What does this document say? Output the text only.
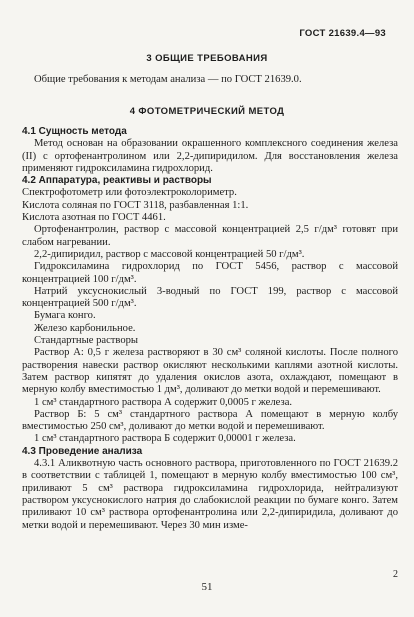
ГОСТ 21639.4—93
3 ОБЩИЕ ТРЕБОВАНИЯ

Общие требования к методам анализа — по ГОСТ 21639.0.

4 ФОТОМЕТРИЧЕСКИЙ МЕТОД

4.1 Сущность метода

Метод основан на образовании окрашенного комплексного соединения железа (II) с ортофенантролином или 2,2-дипиридилом. Для восстановления железа применяют гидроксиламина гидрохлорид.

4.2 Аппаратура, реактивы и растворы

Спектрофотометр или фотоэлектроколориметр.

Кислота соляная по ГОСТ 3118, разбавленная 1:1.

Кислота азотная по ГОСТ 4461.

Ортофенантролин, раствор с массовой концентрацией 2,5 г/дм³ готовят при слабом нагревании.

2,2-дипиридил, раствор с массовой концентрацией 50 г/дм³.

Гидроксиламина гидрохлорид по ГОСТ 5456, раствор с массовой концентрацией 100 г/дм³.

Натрий уксуснокислый 3-водный по ГОСТ 199, раствор с массовой концентрацией 500 г/дм³.

Бумага конго.

Железо карбонильное.

Стандартные растворы

Раствор А: 0,5 г железа растворяют в 30 см³ соляной кислоты. После полного растворения навески раствор окисляют несколькими каплями азотной кислоты. Затем раствор кипятят до удаления окислов азота, охлаждают, помещают в мерную колбу вместимостью 1 дм³, доливают до метки водой и перемешивают.

1 см³ стандартного раствора А содержит 0,0005 г железа.

Раствор Б: 5 см³ стандартного раствора А помещают в мерную колбу вместимостью 250 см³, доливают до метки водой и перемешивают.

1 см³ стандартного раствора Б содержит 0,00001 г железа.

4.3 Проведение анализа

4.3.1 Аликвотную часть основного раствора, приготовленного по ГОСТ 21639.2 в соответствии с таблицей 1, помещают в мерную колбу вместимостью 100 см³, приливают 5 см³ раствора гидроксиламина гидрохлорида, нейтрализуют раствором уксуснокислого натрия до слабокислой реакции по бумаге конго. Затем приливают 10 см³ раствора ортофенантролина или 2,2-дипиридила, доливают до метки водой и перемешивают. Через 30 мин изме-

51
2
